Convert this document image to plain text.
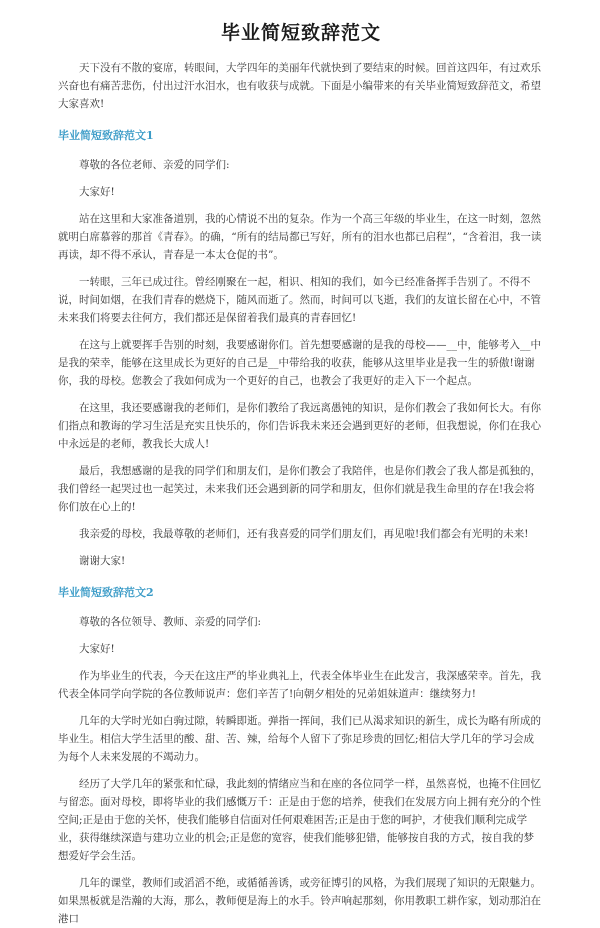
毕业简短致辞范文

天下没有不散的宴席，转眼间，大学四年的美丽年代就快到了要结束的时候。回首这四年，有过欢乐兴奋也有痛苦悲伤，付出过汗水泪水，也有收获与成就。下面是小编带来的有关毕业简短致辞范文，希望大家喜欢!

毕业简短致辞范文1

尊敬的各位老师、亲爱的同学们:

大家好!

站在这里和大家准备道别，我的心情说不出的复杂。作为一个高三年级的毕业生，在这一时刻，忽然就明白席慕蓉的那首《青春》。的确，“所有的结局都已写好，所有的泪水也都已启程”，“含着泪，我一读再读，却不得不承认，青春是一本太仓促的书”。

一转眼，三年已成过往。曾经刚聚在一起，相识、相知的我们，如今已经准备挥手告别了。不得不说，时间如烟，在我们青春的燃烧下，随风而逝了。然而，时间可以飞逝，我们的友谊长留在心中，不管未来我们将要去往何方，我们都还是保留着我们最真的青春回忆!

在这与上就要挥手告别的时刻，我要感谢你们。首先想要感谢的是我的母校——__中，能够考入__中是我的荣幸，能够在这里成长为更好的自己是__中带给我的收获，能够从这里毕业是我一生的骄傲!谢谢你，我的母校。您教会了我如何成为一个更好的自己，也教会了我更好的走入下一个起点。

在这里，我还要感谢我的老师们，是你们教给了我远离愚钝的知识，是你们教会了我如何长大。有你们指点和教诲的学习生活是充实且快乐的，你们告诉我未来还会遇到更好的老师，但我想说，你们在我心中永远是的老师，教我长大成人!

最后，我想感谢的是我的同学们和朋友们，是你们教会了我陪伴，也是你们教会了我人都是孤独的，我们曾经一起哭过也一起笑过，未来我们还会遇到新的同学和朋友，但你们就是我生命里的存在!我会将你们放在心上的!

我亲爱的母校，我最尊敬的老师们，还有我喜爱的同学们朋友们，再见啦!我们都会有光明的未来!

谢谢大家!

毕业简短致辞范文2

尊敬的各位领导、教师、亲爱的同学们:

大家好!

作为毕业生的代表，今天在这庄严的毕业典礼上，代表全体毕业生在此发言，我深感荣幸。首先，我代表全体同学向学院的各位教师说声：您们辛苦了!向朝夕相处的兄弟姐妹道声：继续努力!

几年的大学时光如白驹过隙，转瞬即逝。弹指一挥间，我们已从渴求知识的新生，成长为略有所成的毕业生。相信大学生活里的酸、甜、苦、辣，给每个人留下了弥足珍贵的回忆;相信大学几年的学习会成为每个人未来发展的不竭动力。

经历了大学几年的紧张和忙碌，我此刻的情绪应当和在座的各位同学一样，虽然喜悦，也掩不住回忆与留恋。面对母校，即将毕业的我们感慨万千：正是由于您的培养，使我们在发展方向上拥有充分的个性空间;正是由于您的关怀，使我们能够自信面对任何艰难困苦;正是由于您的呵护，才使我们顺利完成学业，获得继续深造与建功立业的机会;正是您的宽容，使我们能够犯错，能够按自我的方式，按自我的梦想爱好学会生活。

几年的课堂，教师们或滔滔不绝，或循循善诱，或旁征博引的风格，为我们展现了知识的无限魅力。如果黑板就是浩瀚的大海，那么，教师便是海上的水手。铃声响起那刻，你用教职工耕作家，划动那泊在港口
